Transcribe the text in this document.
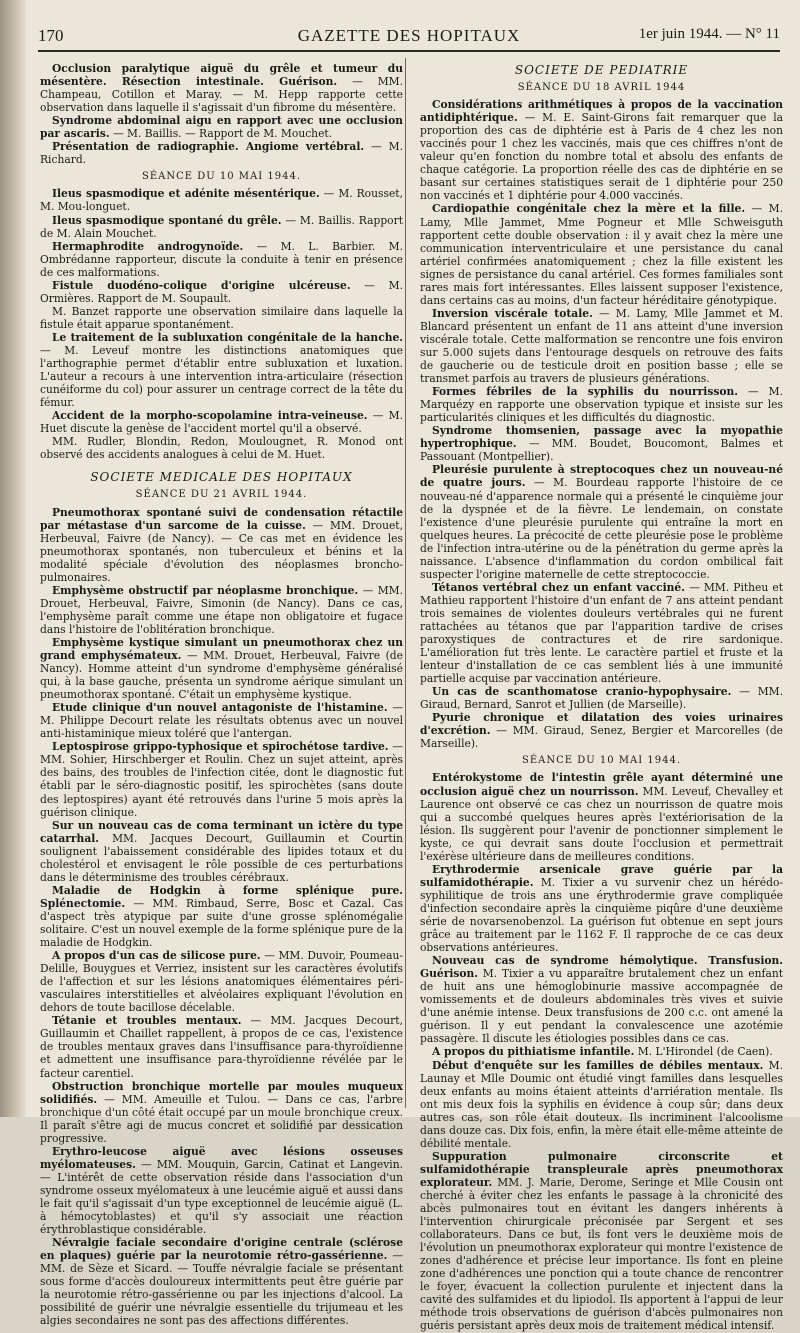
170	GAZETTE DES HOPITAUX	1er juin 1944. — N° 11

Occlusion paralytique aiguë du grêle et tumeur du mésentère. Résection intestinale. Guérison. — MM. Champeau, Cotillon et Maray. — M. Hepp rapporte cette observation dans laquelle il s'agissait d'un fibrome du mésentère.

Syndrome abdominal aigu en rapport avec une occlusion par ascaris. — M. Baillis. — Rapport de M. Mouchet.

Présentation de radiographie. Angiome vertébral. — M. Richard.

SÉANCE DU 10 MAI 1944.

Ileus spasmodique et adénite mésentérique. — M. Rousset, M. Mou-longuet.

Ileus spasmodique spontané du grêle. — M. Baillis. Rapport de M. Alain Mouchet.

Hermaphrodite androgynoïde. — M. L. Barbier. M. Ombrédanne rapporteur, discute la conduite à tenir en présence de ces malformations.

Fistule duodéno-colique d'origine ulcéreuse. — M. Ormières. Rapport de M. Soupault.

M. Banzet rapporte une observation similaire dans laquelle la fistule était apparue spontanément.

Le traitement de la subluxation congénitale de la hanche. — M. Leveuf montre les distinctions anatomiques que l'arthographie permet d'établir entre subluxation et luxation. L'auteur a recours à une intervention intra-articulaire (résection cunéiforme du col) pour assurer un centrage correct de la tête du fémur.

Accident de la morpho-scopolamine intra-veineuse. — M. Huet discute la genèse de l'accident mortel qu'il a observé.

MM. Rudler, Blondin, Redon, Moulougnet, R. Monod ont observé des accidents analogues à celui de M. Huet.

SOCIETE MEDICALE DES HOPITAUX

SÉANCE DU 21 AVRIL 1944.

Pneumothorax spontané suivi de condensation rétactile par métastase d'un sarcome de la cuisse. — MM. Drouet, Herbeuval, Faivre (de Nancy). — Ce cas met en évidence les pneumothorax spontanés, non tuberculeux et bénins et la modalité spéciale d'évolution des néoplasmes broncho-pulmonaires.

Emphysème obstructif par néoplasme bronchique. — MM. Drouet, Herbeuval, Faivre, Simonin (de Nancy). Dans ce cas, l'emphysème paraît comme une étape non obligatoire et fugace dans l'histoire de l'oblitération bronchique.

Emphysème kystique simulant un pneumothorax chez un grand emphysémateux. — MM. Drouet, Herbeuval, Faivre (de Nancy). Homme atteint d'un syndrome d'emphysème généralisé qui, à la base gauche, présenta un syndrome aérique simulant un pneumothorax spontané. C'était un emphysème kystique.

Etude clinique d'un nouvel antagoniste de l'histamine. — M. Philippe Decourt relate les résultats obtenus avec un nouvel anti-histaminique mieux toléré que l'antergan.

Leptospirose grippo-typhosique et spirochétose tardive. — MM. Sohier, Hirschberger et Roulin. Chez un sujet atteint, après des bains, des troubles de l'infection citée, dont le diagnostic fut établi par le séro-diagnostic positif, les spirochètes (sans doute des leptospires) ayant été retrouvés dans l'urine 5 mois après la guérison clinique.

Sur un nouveau cas de coma terminant un ictère du type catarrhal. MM. Jacques Decourt, Guillaumin et Courtin soulignent l'abaissement considérable des lipides totaux et du cholestérol et envisagent le rôle possible de ces perturbations dans le déterminisme des troubles cérébraux.

Maladie de Hodgkin à forme splénique pure. Splénectomie. — MM. Rimbaud, Serre, Bosc et Cazal. Cas d'aspect très atypique par suite d'une grosse splénomégalie solitaire. C'est un nouvel exemple de la forme splénique pure de la maladie de Hodgkin.

A propos d'un cas de silicose pure. — MM. Duvoir, Poumeau-Delille, Bouygues et Verriez, insistent sur les caractères évolutifs de l'affection et sur les lésions anatomiques élémentaires péri-vasculaires interstitielles et alvéolaires expliquant l'évolution en dehors de toute bacillose décelable.

Tétanie et troubles mentaux. — MM. Jacques Decourt, Guillaumin et Chaillet rappellent, à propos de ce cas, l'existence de troubles mentaux graves dans l'insuffisance para-thyroïdienne et admettent une insuffisance para-thyroïdienne révélée par le facteur carentiel.

Obstruction bronchique mortelle par moules muqueux solidifiés. — MM. Ameuille et Tulou. — Dans ce cas, l'arbre bronchique d'un côté était occupé par un moule bronchique creux. Il paraît s'être agi de mucus concret et solidifié par dessication progressive.

Erythro-leucose aiguë avec lésions osseuses myélomateuses. — MM. Mouquin, Garcin, Catinat et Langevin. — L'intérêt de cette observation réside dans l'association d'un syndrome osseux myélomateux à une leucémie aiguë et aussi dans le fait qu'il s'agissait d'un type exceptionnel de leucémie aiguë (L. à hémocytoblastes) et qu'il s'y associait une réaction érythroblastique considérable.

Névralgie faciale secondaire d'origine centrale (sclérose en plaques) guérie par la neurotomie rétro-gassérienne. — MM. de Sèze et Sicard. — Touffe névralgie faciale se présentant sous forme d'accès douloureux intermittents peut être guérie par la neurotomie rétro-gassérienne ou par les injections d'alcool. La possibilité de guérir une névralgie essentielle du trijumeau et les algies secondaires ne sont pas des affections différentes.

SOCIETE DE PEDIATRIE

SÉANCE DU 18 AVRIL 1944

Considérations arithmétiques à propos de la vaccination antidiphtérique. — M. E. Saint-Girons fait remarquer que la proportion des cas de diphtérie est à Paris de 4 chez les non vaccinés pour 1 chez les vaccinés, mais que ces chiffres n'ont de valeur qu'en fonction du nombre total et absolu des enfants de chaque catégorie. La proportion réelle des cas de diphtérie en se basant sur certaines statistiques serait de 1 diphtérie pour 250 non vaccinés et 1 diphtérie pour 4.000 vaccinés.

Cardiopathie congénitale chez la mère et la fille. — M. Lamy, Mlle Jammet, Mme Pogneur et Mlle Schweisguth rapportent cette double observation : il y avait chez la mère une communication interventriculaire et une persistance du canal artériel confirmées anatomiquement ; chez la fille existent les signes de persistance du canal artériel. Ces formes familiales sont rares mais fort intéressantes. Elles laissent supposer l'existence, dans certains cas au moins, d'un facteur héréditaire génotypique.

Inversion viscérale totale. — M. Lamy, Mlle Jammet et M. Blancard présentent un enfant de 11 ans atteint d'une inversion viscérale totale. Cette malformation se rencontre une fois environ sur 5.000 sujets dans l'entourage desquels on retrouve des faits de gaucherie ou de testicule droit en position basse ; elle se transmet parfois au travers de plusieurs générations.

Formes fébriles de la syphilis du nourrisson. — M. Marquézy en rapporte une observation typique et insiste sur les particularités cliniques et les difficultés du diagnostic.

Syndrome thomsenien, passage avec la myopathie hypertrophique. — MM. Boudet, Boucomont, Balmes et Passouant (Montpellier).

Pleurésie purulente à streptocoques chez un nouveau-né de quatre jours. — M. Bourdeau rapporte l'histoire de ce nouveau-né d'apparence normale qui a présenté le cinquième jour de la dyspnée et de la fièvre. Le lendemain, on constate l'existence d'une pleurésie purulente qui entraîne la mort en quelques heures. La précocité de cette pleurésie pose le problème de l'infection intra-utérine ou de la pénétration du germe après la naissance. L'absence d'inflammation du cordon ombilical fait suspecter l'origine maternelle de cette streptococcie.

Tétanos vertébral chez un enfant vacciné. — MM. Pitheu et Mathieu rapportent l'histoire d'un enfant de 7 ans atteint pendant trois semaines de violentes douleurs vertébrales qui ne furent rattachées au tétanos que par l'apparition tardive de crises paroxystiques de contractures et de rire sardonique. L'amélioration fut très lente. Le caractère partiel et fruste et la lenteur d'installation de ce cas semblent liés à une immunité partielle acquise par vaccination antérieure.

Un cas de scanthomatose cranio-hypophysaire. — MM. Giraud, Bernard, Sanrot et Jullien (de Marseille).

Pyurie chronique et dilatation des voies urinaires d'excrétion. — MM. Giraud, Senez, Bergier et Marcorelles (de Marseille).

SÉANCE DU 10 MAI 1944.

Entérokystome de l'intestin grêle ayant déterminé une occlusion aiguë chez un nourrisson. MM. Leveuf, Chevalley et Laurence ont observé ce cas chez un nourrisson de quatre mois qui a succombé quelques heures après l'extériorisation de la lésion. Ils suggèrent pour l'avenir de ponctionner simplement le kyste, ce qui devrait sans doute l'occlusion et permettrait l'exérèse ultérieure dans de meilleures conditions.

Erythrodermie arsenicale grave guérie par la sulfamidothérapie. M. Tixier a vu survenir chez un hérédo-syphilitique de trois ans une érythrodermie grave compliquée d'infection secondaire après la cinquième piqûre d'une deuxième série de novarsenobenzol. La guérison fut obtenue en sept jours grâce au traitement par le 1162 F. Il rapproche de ce cas deux observations antérieures.

Nouveau cas de syndrome hémolytique. Transfusion. Guérison. M. Tixier a vu apparaître brutalement chez un enfant de huit ans une hémoglobinurie massive accompagnée de vomissements et de douleurs abdominales très vives et suivie d'une anémie intense. Deux transfusions de 200 c.c. ont amené la guérison. Il y eut pendant la convalescence une azotémie passagère. Il discute les étiologies possibles dans ce cas.

A propos du pithiatisme infantile. M. L'Hirondel (de Caen).

Début d'enquête sur les familles de débiles mentaux. M. Launay et Mlle Doumic ont étudié vingt familles dans lesquelles deux enfants au moins étaient atteints d'arriération mentale. Ils ont mis deux fois la syphilis en évidence à coup sûr; dans deux autres cas, son rôle était douteux. Ils incriminent l'alcoolisme dans douze cas. Dix fois, enfin, la mère était elle-même atteinte de débilité mentale.

Suppuration pulmonaire circonscrite et sulfamidothérapie transpleurale après pneumothorax explorateur. MM. J. Marie, Derome, Seringe et Mlle Cousin ont cherché à éviter chez les enfants le passage à la chronicité des abcès pulmonaires tout en évitant les dangers inhérents à l'intervention chirurgicale préconisée par Sergent et ses collaborateurs. Dans ce but, ils font vers le deuxième mois de l'évolution un pneumothorax explorateur qui montre l'existence de zones d'adhérence et précise leur importance. Ils font en pleine zone d'adhérences une ponction qui a toute chance de rencontrer le foyer, évacuent la collection purulente et injectent dans la cavité des sulfamides et du lipiodol. Ils apportent à l'appui de leur méthode trois observations de guérison d'abcès pulmonaires non guéris persistant après deux mois de traitement médical intensif.
